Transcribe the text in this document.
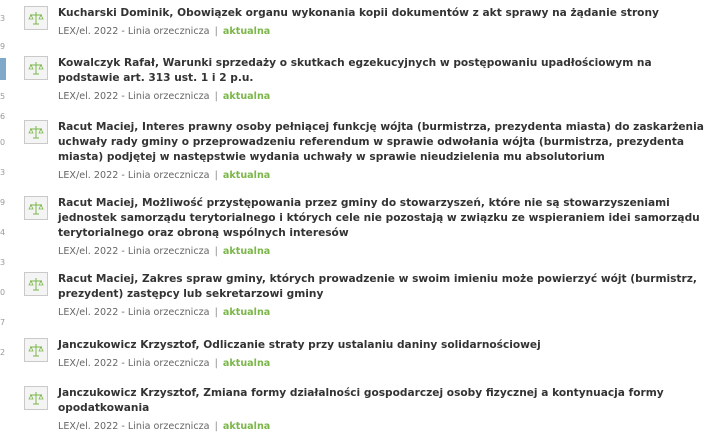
3
9
5
6
0
3
9
4
3
0
7
2
Kucharski Dominik, Obowiązek organu wykonania kopii dokumentów z akt sprawy na żądanie strony
LEX/el. 2022 - Linia orzecznicza | aktualna
Kowalczyk Rafał, Warunki sprzedaży o skutkach egzekucyjnych w postępowaniu upadłościowym na podstawie art. 313 ust. 1 i 2 p.u.
LEX/el. 2022 - Linia orzecznicza | aktualna
Racut Maciej, Interes prawny osoby pełniącej funkcję wójta (burmistrza, prezydenta miasta) do zaskarżenia uchwały rady gminy o przeprowadzeniu referendum w sprawie odwołania wójta (burmistrza, prezydenta miasta) podjętej w następstwie wydania uchwały w sprawie nieudzielenia mu absolutorium
LEX/el. 2022 - Linia orzecznicza | aktualna
Racut Maciej, Możliwość przystępowania przez gminy do stowarzyszeń, które nie są stowarzyszeniami jednostek samorządu terytorialnego i których cele nie pozostają w związku ze wspieraniem idei samorządu terytorialnego oraz obroną wspólnych interesów
LEX/el. 2022 - Linia orzecznicza | aktualna
Racut Maciej, Zakres spraw gminy, których prowadzenie w swoim imieniu może powierzyć wójt (burmistrz, prezydent) zastępcy lub sekretarzowi gminy
LEX/el. 2022 - Linia orzecznicza | aktualna
Janczukowicz Krzysztof, Odliczanie straty przy ustalaniu daniny solidarnościowej
LEX/el. 2022 - Linia orzecznicza | aktualna
Janczukowicz Krzysztof, Zmiana formy działalności gospodarczej osoby fizycznej a kontynuacja formy opodatkowania
LEX/el. 2022 - Linia orzecznicza | aktualna
